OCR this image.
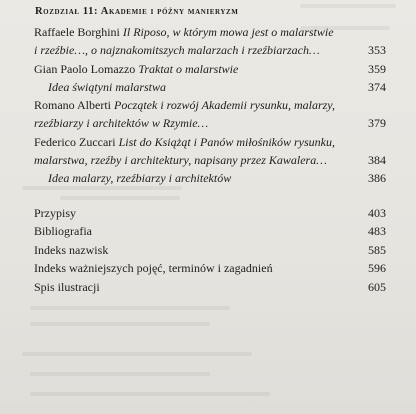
Rozdział 11: Akademie i późny manieryzm
Raffaele Borghini Il Riposo, w którym mowa jest o malarstwie
i rzeźbie…, o najznakomitszych malarzach i rzeźbiarzach…	353
Gian Paolo Lomazzo Traktat o malarstwie	359
Idea świątyni malarstwa	374
Romano Alberti Początek i rozwój Akademii rysunku, malarzy,
rzeźbiarzy i architektów w Rzymie…	379
Federico Zuccari List do Książąt i Panów miłośników rysunku,
malarstwa, rzeźby i architektury, napisany przez Kawalera…	384
Idea malarzy, rzeźbiarzy i architektów	386
Przypisy	403
Bibliografia	483
Indeks nazwisk	585
Indeks ważniejszych pojęć, terminów i zagadnień	596
Spis ilustracji	605
